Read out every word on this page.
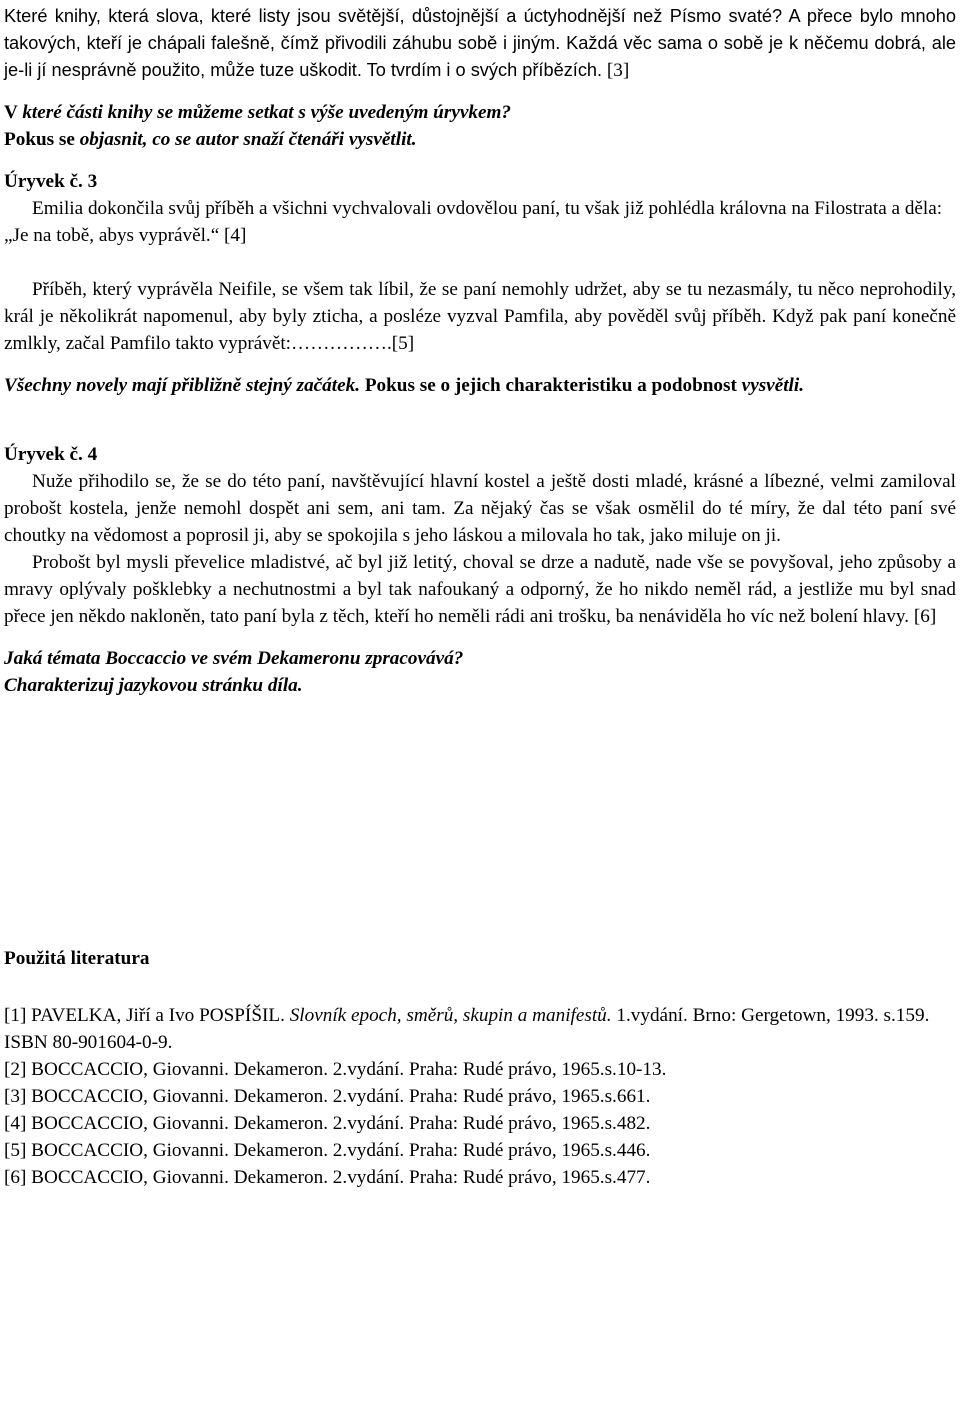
Které knihy, která slova, které listy jsou světější, důstojnější a úctyhodnější než Písmo svaté? A přece bylo mnoho takových, kteří je chápali falešně, čímž přivodili záhubu sobě i jiným. Každá věc sama o sobě je k něčemu dobrá, ale je-li jí nesprávně použito, může tuze uškodit. To tvrdím i o svých příbězích. [3]

V které části knihy se můžeme setkat s výše uvedeným úryvkem?

Pokus se objasnit, co se autor snaží čtenáři vysvětlit.

Úryvek č. 3

Emilia dokončila svůj příběh a všichni vychvalovali ovdovělou paní, tu však již pohlédla královna na Filostrata a děla:

„Je na tobě, abys vyprávěl.“ [4]

Příběh, který vyprávěla Neifile, se všem tak líbil, že se paní nemohly udržet, aby se tu nezasmály, tu něco neprohodily, král je několikrát napomenul, aby byly zticha, a posléze vyzval Pamfila, aby pověděl svůj příběh. Když pak paní konečně zmlkly, začal Pamfilo takto vyprávět:…………….[5]

Všechny novely mají přibližně stejný začátek. Pokus se o jejich charakteristiku a podobnost vysvětli.

Úryvek č. 4

Nuže přihodilo se, že se do této paní, navštěvující hlavní kostel a ještě dosti mladé, krásné a líbezné, velmi zamiloval probošt kostela, jenže nemohl dospět ani sem, ani tam. Za nějaký čas se však osmělil do té míry, že dal této paní své choutky na vědomost a poprosil ji, aby se spokojila s jeho láskou a milovala ho tak, jako miluje on ji.

Probošt byl mysli převelice mladistvé, ač byl již letitý, choval se drze a nadutě, nade vše se povyšoval, jeho způsoby a mravy oplývaly pošklebky a nechutnostmi a byl tak nafoukaný a odporný, že ho nikdo neměl rád, a jestliže mu byl snad přece jen někdo nakloněn, tato paní byla z těch, kteří ho neměli rádi ani trošku, ba nenáviděla ho víc než bolení hlavy. [6]

Jaká témata Boccaccio ve svém Dekameronu zpracovává?

Charakterizuj jazykovou stránku díla.

Použitá literatura

[1] PAVELKA, Jiří a Ivo POSPÍŠIL. Slovník epoch, směrů, skupin a manifestů. 1.vydání. Brno: Gergetown, 1993. s.159. ISBN 80-901604-0-9.

[2] BOCCACCIO, Giovanni. Dekameron. 2.vydání. Praha: Rudé právo, 1965.s.10-13.

[3] BOCCACCIO, Giovanni. Dekameron. 2.vydání. Praha: Rudé právo, 1965.s.661.

[4] BOCCACCIO, Giovanni. Dekameron. 2.vydání. Praha: Rudé právo, 1965.s.482.

[5] BOCCACCIO, Giovanni. Dekameron. 2.vydání. Praha: Rudé právo, 1965.s.446.

[6] BOCCACCIO, Giovanni. Dekameron. 2.vydání. Praha: Rudé právo, 1965.s.477.
